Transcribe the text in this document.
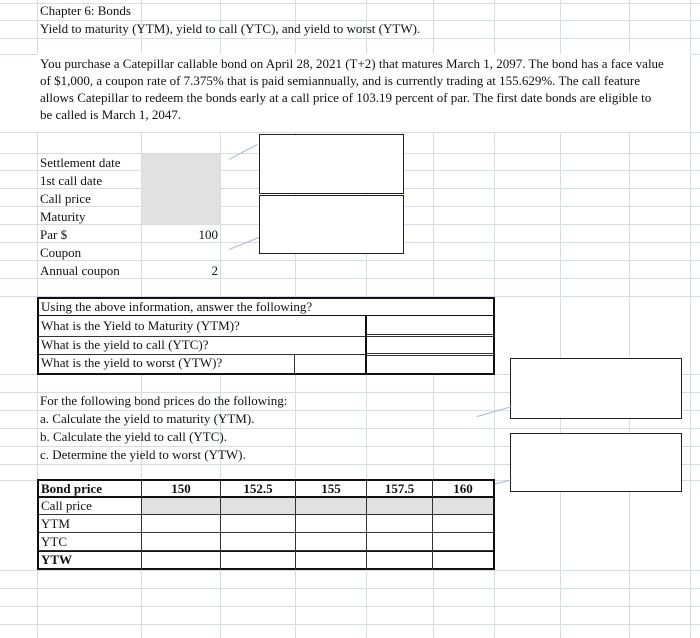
Chapter 6: Bonds
Yield to maturity (YTM), yield to call (YTC), and yield to worst (YTW).
You purchase a Catepillar callable bond on April 28, 2021 (T+2) that matures March 1, 2097. The bond has a face value
of $1,000, a coupon rate of 7.375% that is paid semiannually, and is currently trading at 155.629%. The call feature
allows Catepillar to redeem the bonds early at a call price of 103.19 percent of par. The first date bonds are eligible to
be called is March 1, 2047.
Settlement date
1st call date
Call price
Maturity
Par $	100
Coupon
Annual coupon	2
Using the above information, answer the following?
What is the Yield to Maturity (YTM)?
What is the yield to call (YTC)?
What is the yield to worst (YTW)?
For the following bond prices do the following:
a. Calculate the yield to maturity (YTM).
b. Calculate the yield to call (YTC).
c. Determine the yield to worst (YTW).
Bond price	150	152.5	155	157.5	160
Call price
YTM
YTC
YTW
